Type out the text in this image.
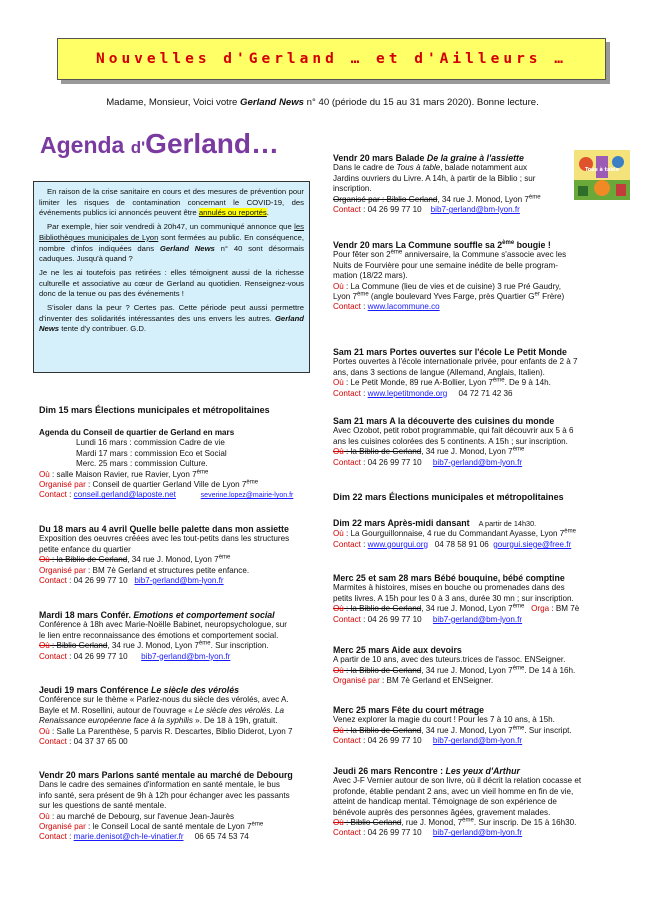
Nouvelles d'Gerland … et d'Ailleurs …
Madame, Monsieur, Voici votre Gerland News n° 40 (période du 15 au 31 mars 2020). Bonne lecture.
Agenda d'Gerland…

En raison de la crise sanitaire en cours et des mesures de prévention pour limiter les risques de contamination concernant le COVID-19, des événements publics ici annoncés peuvent être annulés ou reportés.

Par exemple, hier soir vendredi à 20h47, un communiqué annonce que les Bibliothèques municipales de Lyon sont fermées au public. En conséquence, nombre d'infos indiquées dans Gerland News n° 40 sont désormais caduques. Jusqu'à quand ?

Je ne les ai toutefois pas retirées : elles témoignent aussi de la richesse culturelle et associative au cœur de Gerland au quotidien. Renseignez-vous donc de la tenue ou pas des événements !

S'isoler dans la peur ? Certes pas. Cette période peut aussi permettre d'inventer des solidarités intéressantes des uns envers les autres. Gerland News tente d'y contribuer. G.D.

Tous à table
Dim 15 mars Élections municipales et métropolitaines
Agenda du Conseil de quartier de Gerland en mars
Lundi 16 mars : commission Cadre de vie
Mardi 17 mars : commission Eco et Social
Merc. 25 mars : commission Culture.
Où : salle Maison Ravier, rue Ravier, Lyon 7ème
Organisé par : Conseil de quartier Gerland Ville de Lyon 7ème
Contact : conseil.gerland@laposte.net	severine.lopez@mairie-lyon.fr
Du 18 mars au 4 avril Quelle belle palette dans mon assiette
Exposition des oeuvres créées avec les tout-petits dans les structures
petite enfance du quartier
Où : la Biblio de Gerland, 34 rue J. Monod, Lyon 7ème
Organisé par : BM 7è Gerland et structures petite enfance.
Contact : 04 26 99 77 10 bib7-gerland@bm-lyon.fr
Mardi 18 mars Confér. Emotions et comportement social
Conférence à 18h avec Marie-Noëlle Babinet, neuropsychologue, sur
le lien entre reconnaissance des émotions et comportement social.
Où : Biblio Gerland, 34 rue J. Monod, Lyon 7ème. Sur inscription.
Contact : 04 26 99 77 10 bib7-gerland@bm-lyon.fr
Jeudi 19 mars Conférence Le siècle des vérolés
Conférence sur le thème « Parlez-nous du siècle des vérolés, avec A.
Bayle et M. Rosellini, autour de l'ouvrage « Le siècle des vérolés. La
Renaissance européenne face à la syphilis ». De 18 à 19h, gratuit.
Où : Salle La Parenthèse, 5 parvis R. Descartes, Biblio Diderot, Lyon 7
Contact : 04 37 37 65 00
Vendr 20 mars Parlons santé mentale au marché de Debourg
Dans le cadre des semaines d'information en santé mentale, le bus
info santé, sera présent de 9h à 12h pour échanger avec les passants
sur les questions de santé mentale.
Où : au marché de Debourg, sur l'avenue Jean-Jaurès
Organisé par : le Conseil Local de santé mentale de Lyon 7ème
Contact : marie.denisot@ch-le-vinatier.fr 06 65 74 53 74
Vendr 20 mars Balade De la graine à l'assiette
Dans le cadre de Tous à table, balade notamment aux
Jardins ouvriers du Livre. A 14h, à partir de la Biblio ; sur
inscription.
Organisé par : Biblio Gerland, 34 rue J. Monod, Lyon 7ème
Contact : 04 26 99 77 10 bib7-gerland@bm-lyon.fr
Vendr 20 mars La Commune souffle sa 2ème bougie !
Pour fêter son 2ème anniversaire, la Commune s'associe avec les
Nuits de Fourvière pour une semaine inédite de belle program-
mation (18/22 mars).
Où : La Commune (lieu de vies et de cuisine) 3 rue Pré Gaudry,
Lyon 7ème (angle boulevard Yves Farge, près Quartier $G^{er}$ Frère)
Contact : www.lacommune.co
Sam 21 mars Portes ouvertes sur l'école Le Petit Monde
Portes ouvertes à l'école internationale privée, pour enfants de 2 à 7
ans, dans 3 sections de langue (Allemand, Anglais, Italien).
Où : Le Petit Monde, 89 rue A-Bollier, Lyon 7ème. De 9 à 14h.
Contact : www.lepetitmonde.org 04 72 71 42 36
Sam 21 mars A la découverte des cuisines du monde
Avec Ozobot, petit robot programmable, qui fait découvrir aux 5 à 6
ans les cuisines colorées des 5 continents. A 15h ; sur inscription.
Où : la Biblio de Gerland, 34 rue J. Monod, Lyon 7ème
Contact : 04 26 99 77 10 bib7-gerland@bm-lyon.fr
Dim 22 mars Élections municipales et métropolitaines
Dim 22 mars Après-midi dansant A partir de 14h30.
Où : La Gourguillonnaise, 4 rue du Commandant Ayasse, Lyon 7ème
Contact : www.gourgui.org 04 78 58 91 06 gourgui.siege@free.fr
Merc 25 et sam 28 mars Bébé bouquine, bébé comptine
Marmites à histoires, mises en bouche ou promenades dans des
petits livres. A 15h pour les 0 à 3 ans, durée 30 mn ; sur inscription.
Où : la Biblio de Gerland, 34 rue J. Monod, Lyon 7ème Orga : BM 7è
Contact : 04 26 99 77 10 bib7-gerland@bm-lyon.fr
Merc 25 mars Aide aux devoirs
A partir de 10 ans, avec des tuteurs.trices de l'assoc. ENSeigner.
Où : la Biblio de Gerland, 34 rue J. Monod, Lyon 7ème. De 14 à 16h.
Organisé par : BM 7è Gerland et ENSeigner.
Merc 25 mars Fête du court métrage
Venez explorer la magie du court ! Pour les 7 à 10 ans, à 15h.
Où : la Biblio de Gerland, 34 rue J. Monod, Lyon 7ème. Sur inscript.
Contact : 04 26 99 77 10 bib7-gerland@bm-lyon.fr
Jeudi 26 mars Rencontre : Les yeux d'Arthur
Avec J-F Vernier autour de son livre, où il décrit la relation cocasse et
profonde, établie pendant 2 ans, avec un vieil homme en fin de vie,
atteint de handicap mental. Témoignage de son expérience de
bénévole auprès des personnes âgées, gravement malades.
Où : Biblio Gerland, rue J. Monod, 7ème. Sur inscrip. De 15 à 16h30.
Contact : 04 26 99 77 10 bib7-gerland@bm-lyon.fr
